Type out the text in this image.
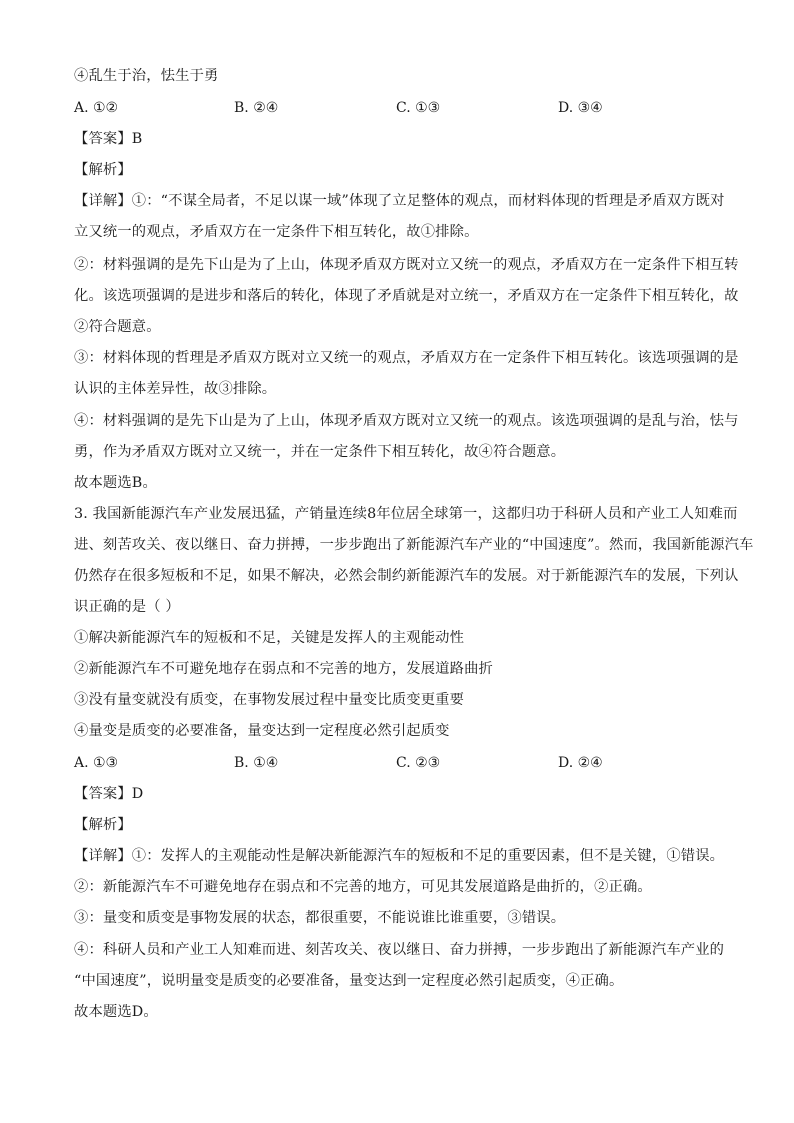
④乱生于治，怯生于勇
A. ①②	B. ②④	C. ①③	D. ③④
【答案】B
【解析】
【详解】①：“不谋全局者，不足以谋一域”体现了立足整体的观点，而材料体现的哲理是矛盾双方既对
立又统一的观点，矛盾双方在一定条件下相互转化，故①排除。
②：材料强调的是先下山是为了上山，体现矛盾双方既对立又统一的观点，矛盾双方在一定条件下相互转
化。该选项强调的是进步和落后的转化，体现了矛盾就是对立统一，矛盾双方在一定条件下相互转化，故
②符合题意。
③：材料体现的哲理是矛盾双方既对立又统一的观点，矛盾双方在一定条件下相互转化。该选项强调的是
认识的主体差异性，故③排除。
④：材料强调的是先下山是为了上山，体现矛盾双方既对立又统一的观点。该选项强调的是乱与治，怯与
勇，作为矛盾双方既对立又统一，并在一定条件下相互转化，故④符合题意。
故本题选B。
3. 我国新能源汽车产业发展迅猛，产销量连续8年位居全球第一，这都归功于科研人员和产业工人知难而
进、刻苦攻关、夜以继日、奋力拼搏，一步步跑出了新能源汽车产业的“中国速度”。然而，我国新能源汽车
仍然存在很多短板和不足，如果不解决，必然会制约新能源汽车的发展。对于新能源汽车的发展，下列认
识正确的是（ ）
①解决新能源汽车的短板和不足，关键是发挥人的主观能动性
②新能源汽车不可避免地存在弱点和不完善的地方，发展道路曲折
③没有量变就没有质变，在事物发展过程中量变比质变更重要
④量变是质变的必要准备，量变达到一定程度必然引起质变
A. ①③	B. ①④	C. ②③	D. ②④
【答案】D
【解析】
【详解】①：发挥人的主观能动性是解决新能源汽车的短板和不足的重要因素，但不是关键，①错误。
②：新能源汽车不可避免地存在弱点和不完善的地方，可见其发展道路是曲折的，②正确。
③：量变和质变是事物发展的状态，都很重要，不能说谁比谁重要，③错误。
④：科研人员和产业工人知难而进、刻苦攻关、夜以继日、奋力拼搏，一步步跑出了新能源汽车产业的
“中国速度”，说明量变是质变的必要准备，量变达到一定程度必然引起质变，④正确。
故本题选D。
